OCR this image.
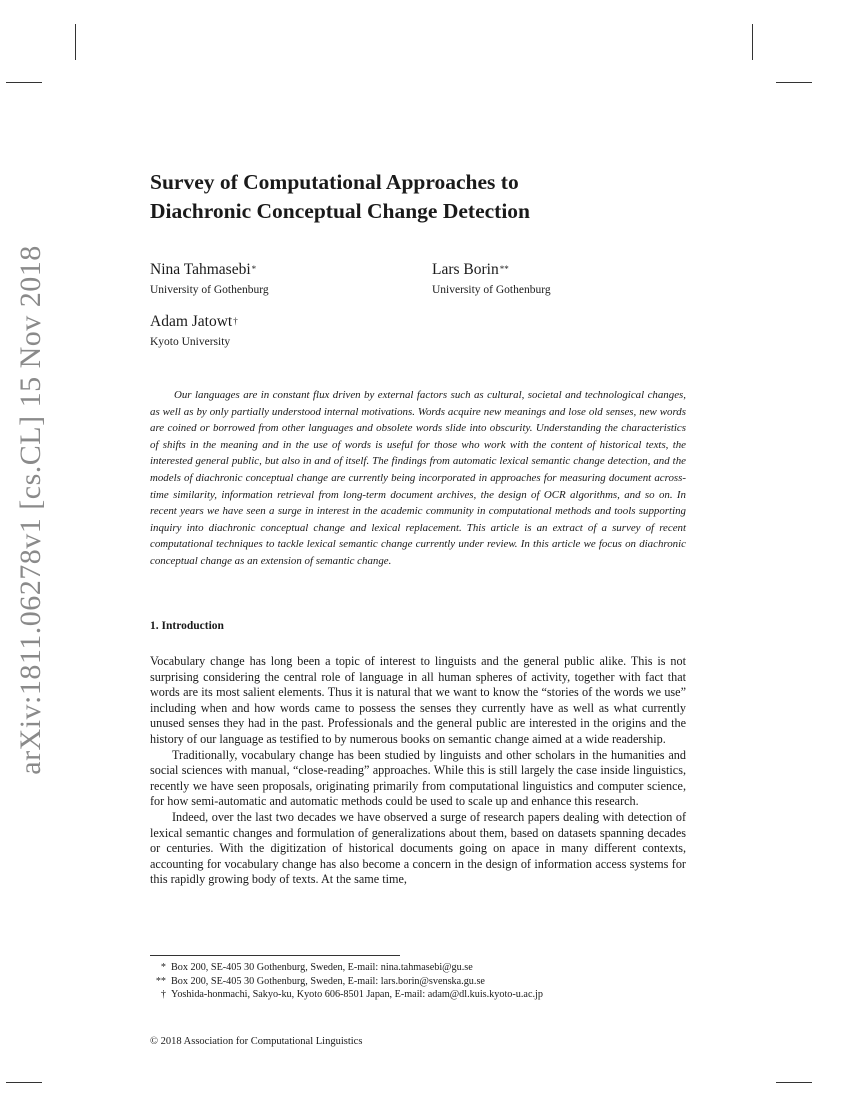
arXiv:1811.06278v1 [cs.CL] 15 Nov 2018
Survey of Computational Approaches to
Diachronic Conceptual Change Detection
Nina Tahmasebi*
University of Gothenburg
Lars Borin**
University of Gothenburg
Adam Jatowt†
Kyoto University

Our languages are in constant flux driven by external factors such as cultural, societal and technological changes, as well as by only partially understood internal motivations. Words acquire new meanings and lose old senses, new words are coined or borrowed from other languages and obsolete words slide into obscurity. Understanding the characteristics of shifts in the meaning and in the use of words is useful for those who work with the content of historical texts, the interested general public, but also in and of itself. The findings from automatic lexical semantic change detection, and the models of diachronic conceptual change are currently being incorporated in approaches for measuring document across-time similarity, information retrieval from long-term document archives, the design of OCR algorithms, and so on. In recent years we have seen a surge in interest in the academic community in computational methods and tools supporting inquiry into diachronic conceptual change and lexical replacement. This article is an extract of a survey of recent computational techniques to tackle lexical semantic change currently under review. In this article we focus on diachronic conceptual change as an extension of semantic change.

1. Introduction

Vocabulary change has long been a topic of interest to linguists and the general public alike. This is not surprising considering the central role of language in all human spheres of activity, together with fact that words are its most salient elements. Thus it is natural that we want to know the “stories of the words we use” including when and how words came to possess the senses they currently have as well as what currently unused senses they had in the past. Professionals and the general public are interested in the origins and the history of our language as testified to by numerous books on semantic change aimed at a wide readership.

Traditionally, vocabulary change has been studied by linguists and other scholars in the humanities and social sciences with manual, “close-reading” approaches. While this is still largely the case inside linguistics, recently we have seen proposals, originating primarily from computational linguistics and computer science, for how semi-automatic and automatic methods could be used to scale up and enhance this research.

Indeed, over the last two decades we have observed a surge of research papers dealing with detection of lexical semantic changes and formulation of generalizations about them, based on datasets spanning decades or centuries. With the digitization of historical documents going on apace in many different contexts, accounting for vocabulary change has also become a concern in the design of information access systems for this rapidly growing body of texts. At the same time,

* Box 200, SE-405 30 Gothenburg, Sweden, E-mail: nina.tahmasebi@gu.se
** Box 200, SE-405 30 Gothenburg, Sweden, E-mail: lars.borin@svenska.gu.se
† Yoshida-honmachi, Sakyo-ku, Kyoto 606-8501 Japan, E-mail: adam@dl.kuis.kyoto-u.ac.jp
© 2018 Association for Computational Linguistics
